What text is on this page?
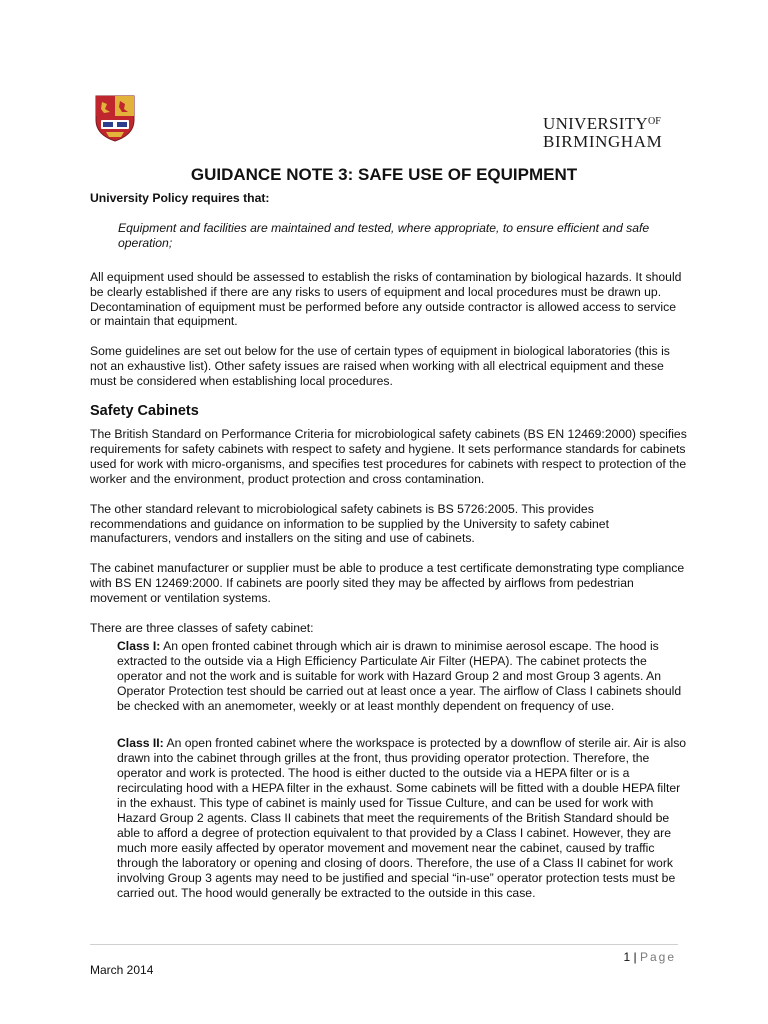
$UNIVERSITY^{OF}$
BIRMINGHAM
GUIDANCE NOTE 3: SAFE USE OF EQUIPMENT

University Policy requires that:

Equipment and facilities are maintained and tested, where appropriate, to ensure efficient and safe operation;

All equipment used should be assessed to establish the risks of contamination by biological hazards. It should be clearly established if there are any risks to users of equipment and local procedures must be drawn up. Decontamination of equipment must be performed before any outside contractor is allowed access to service or maintain that equipment.

Some guidelines are set out below for the use of certain types of equipment in biological laboratories (this is not an exhaustive list). Other safety issues are raised when working with all electrical equipment and these must be considered when establishing local procedures.

Safety Cabinets

The British Standard on Performance Criteria for microbiological safety cabinets (BS EN 12469:2000) specifies requirements for safety cabinets with respect to safety and hygiene. It sets performance standards for cabinets used for work with micro-organisms, and specifies test procedures for cabinets with respect to protection of the worker and the environment, product protection and cross contamination.

The other standard relevant to microbiological safety cabinets is BS 5726:2005. This provides recommendations and guidance on information to be supplied by the University to safety cabinet manufacturers, vendors and installers on the siting and use of cabinets.

The cabinet manufacturer or supplier must be able to produce a test certificate demonstrating type compliance with BS EN 12469:2000. If cabinets are poorly sited they may be affected by airflows from pedestrian movement or ventilation systems.

There are three classes of safety cabinet:

Class I: An open fronted cabinet through which air is drawn to minimise aerosol escape. The hood is extracted to the outside via a High Efficiency Particulate Air Filter (HEPA). The cabinet protects the operator and not the work and is suitable for work with Hazard Group 2 and most Group 3 agents. An Operator Protection test should be carried out at least once a year. The airflow of Class I cabinets should be checked with an anemometer, weekly or at least monthly dependent on frequency of use.

Class II: An open fronted cabinet where the workspace is protected by a downflow of sterile air. Air is also drawn into the cabinet through grilles at the front, thus providing operator protection. Therefore, the operator and work is protected. The hood is either ducted to the outside via a HEPA filter or is a recirculating hood with a HEPA filter in the exhaust. Some cabinets will be fitted with a double HEPA filter in the exhaust. This type of cabinet is mainly used for Tissue Culture, and can be used for work with Hazard Group 2 agents. Class II cabinets that meet the requirements of the British Standard should be able to afford a degree of protection equivalent to that provided by a Class I cabinet. However, they are much more easily affected by operator movement and movement near the cabinet, caused by traffic through the laboratory or opening and closing of doors. Therefore, the use of a Class II cabinet for work involving Group 3 agents may need to be justified and special “in-use” operator protection tests must be carried out. The hood would generally be extracted to the outside in this case.

1 | Page
March 2014
